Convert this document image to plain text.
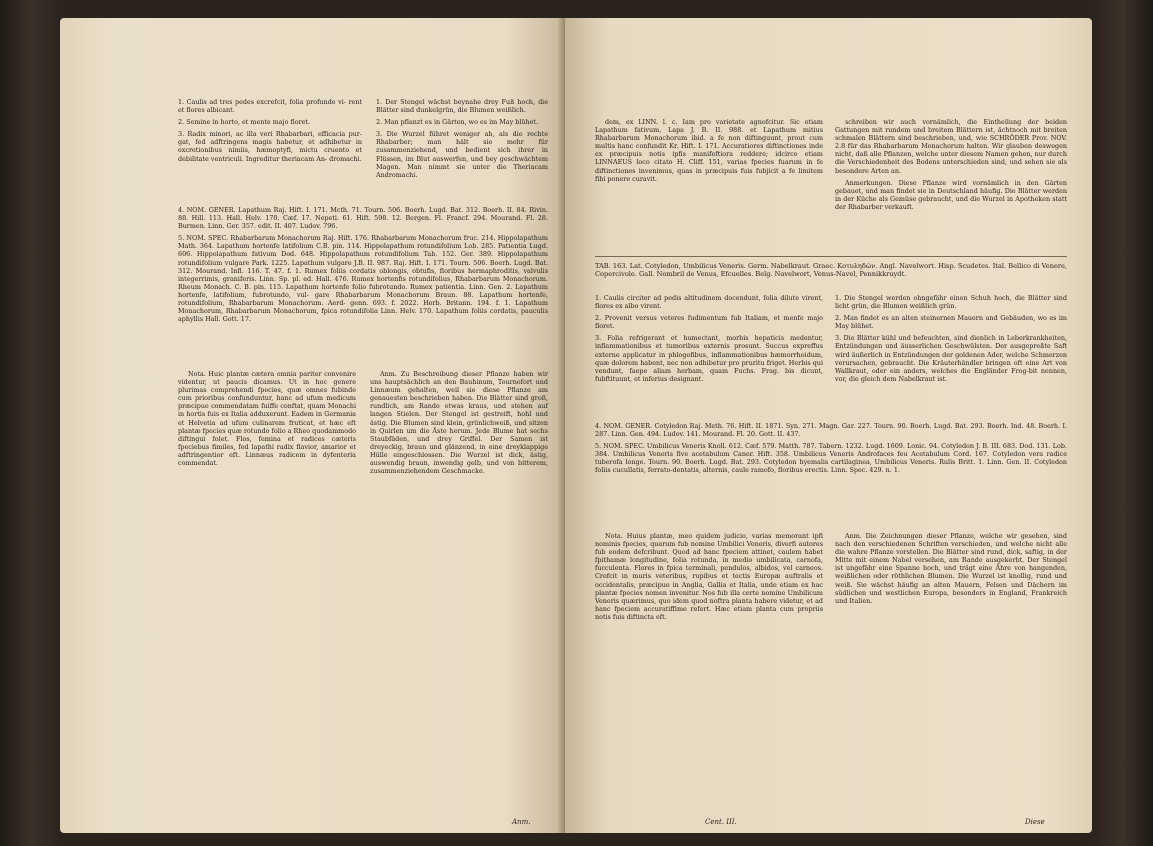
1. Caulis ad tres pedes excrefcit, folia profunde vi- rent et flores albicant.

2. Semine in horto, et mente majo floret.

3. Radix minori, ac illa veri Rhabarbari, efficacia pur- gat, fed adftringens magis habetur, et adhibetur in excretionibus nimiis, hæmoptyfi, mictu cruento et debilitate ventriculi. Ingreditur theriacam An- dromachi.

1. Der Stengel wächst beynahe drey Fuß hoch, die Blätter sind dunkelgrün, die Blumen weißlich.

2. Man pflanzt es in Gärten, wo es im May blühet.

3. Die Wurzel führet weniger ab, als die rechte Rhabarber; man hält sie mehr für zusammenziehend, und bedient sich ihrer in Flüssen, im Blut auswerfen, und bey geschwächtem Magen. Man nimmt sie unter die Theriacam Andromachi.

4. NOM. GENER. Lapathum Raj. Hift. I. 171. Mcth. 71. Tourn. 506. Boerh. Lugd. Bat. 312. Boerh. II. 84. Rivin. 88. Hill. 113. Hall. Helv. 170. Cæf. 17. Nepeti. 61. Hift. 598. 12. Bergen. Fl. Francf. 294. Mourand. Fl. 28. Burmen. Linn. Ger. 357. edit. II. 407. Ludov. 796.

5. NOM. SPEC. Rhabarbarum Monachorum Raj. Hift. 176. Rhabarbarum Monachorum fruc. 214. Hippolapathum Math. 364. Lapathum hortenfe latifolium C.B. pin. 114. Hippolapathum rotundifolium Lob. 285. Patientia Lugd. 606. Hippolapathum fativum Dod. 648. Hippolapathum rotundifolium Tab. 152. Ger. 389. Hippolapathum rotundifolium vulgare Park. 1225. Lapathum vulgare J.B. II. 987. Raj. Hift. I. 171. Tourn. 506. Boerh. Lugd. Bat. 312. Mourand. Infl. 116. T. 47. f. 1. Rumex foliis cordatis oblongis, obtufis, floribus hermaphroditis, valvulis integerrimis, graniferis. Linn. Sp. pl. ed. Hall. 476. Rumex hortenfis rotundifolius, Rhabarbarum Monachorum. Rheum Monach. C. B. pin. 115. Lapathum hortenfe folio fubrotundo. Rumex patientia. Linn. Gen. 2. Lapathum hortenfe, latifolium, fubrotundo, vul- gare Rhabarbarum Monachorum Braun. 88. Lapathum hortenfe, rotundifolium, Rhabarbarum Monachorum. Aerd- genn. 693. f. 2022. Herb. Britann. 194. f. 1. Lapathum Monachorum, Rhabarbarum Monachorum, fpica rotundifolia Linn. Helv. 170. Lapathum foliis cordatis, pauculis aphyllis Hall. Gott. 17.

Nota. Huic plantæ cætera omnia pariter convenire videntur, ut paucis dicamus. Ut in hoc genere plurimas comprehendi fpecies, quæ omnes fubinde cum prioribus confunduntur, hanc ad ufum medicum præcipue commendatam fuiffe conftat, quam Monachi in hortis fuis ex Italia adduxerunt. Eadem in Germania et Helvetia ad ufum culinarem fruticat, et hæc eft plantæ fpecies quæ rotundo folio a Rheo quodammodo diftingui folet. Flos, femina et radices cæteris fpeciebus fimiles, fed lapathi radix flavior, amarior et adftringentior eft. Linnæus radicem in dyfenteria commendat.

Anm. Zu Beschreibung dieser Pflanze haben wir uns hauptsächlich an den Bauhinum, Tournefort und Linnæum gehalten, weil sie diese Pflanze am genauesten beschrieben haben. Die Blätter sind groß, rundlich, am Rande etwas kraus, und stehen auf langen Stielen. Der Stengel ist gestreift, hohl und ästig. Die Blumen sind klein, grünlichweiß, und sitzen in Quirlen um die Äste herum. Jede Blume hat sechs Staubfäden, und drey Griffel. Der Samen ist dreyeckig, braun und glänzend, in eine dreyklappige Hülle eingeschlossen. Die Wurzel ist dick, ästig, auswendig braun, inwendig gelb, und von bitterem, zusammenziehendem Geschmacke.

Anm.

dem, ex LINN. l. c. Iam pro varietate agnofcitur. Sic etiam Lapathum fativum, Lapa J. B. II. 988. et Lapathum mitius Rhabarbarum Monachorum ibid. a fe non diftinguunt, prout cum multis hanc confundit Kr. Hift. I. 171. Accuratiores diftinctiones inde ex præcipuis notis ipfis manifeftiora reddere; idcirco etiam LINNAEUS loco citato H. Cliff. 151, varias fpecies fuarum in fe diftinctiones invenimus, quas in præcipuis fuis fubjicit a fe limitem fibi ponere curavit.

schreiben wir auch vornämlich, die Eintheilung der beiden Gattungen mit rundem und breitem Blättern ist, ächtnoch mit breiten schmalen Blättern sind beschrieben, und, wie SCHRÖDER Prov. NOV. 2.8 für das Rhabarbarum Monachorum halten. Wir glauben deswegen nicht, daß alle Pflanzen, welche unter diesem Namen gehen, nur durch die Verschiedenheit des Bodens unterschieden sind, und sehen sie als besondere Arten an.

Anmerkungen. Diese Pflanze wird vornämlich in den Gärten gebauet, und man findet sie in Deutschland häufig. Die Blätter werden in der Küche als Gemüse gebraucht, und die Wurzel in Apotheken statt der Rhabarber verkauft.

TAB. 163. Lat. Cotyledon, Umbilicus Veneris. Germ. Nabelkraut. Graec. Κοτυληδών. Angl. Navelwort. Hisp. Scudetes. Ital. Bellico di Venere, Copercivole. Gall. Nombril de Venus, Efcuelles. Belg. Navelwort, Venus-Navel, Pennikkruydt.

1. Caulis circiter ad pedis altitudinem docendunt, folia dilute virent, flores ex albo virent.

2. Provenit versus veteres fudimentum fub Italiam, et menfe majo floret.

3. Folia refrigerant et humectant, morbis hepaticis medentur, inflammationibus et tumoribus externis prosunt. Succus expreffus externe applicatur in phlogofibus, inflammationibus hæmorrhoidum, quæ dolorem habent, nec non adhibetur pro pruritu friget. Herbis qui vendunt, faepe aliam herbam, quam Fuchs. Frag. bis dicunt, fubftituunt, et inferius designant.

1. Die Stengel werden ohngefähr einen Schuh hoch, die Blätter sind licht grün, die Blumen weißlich grün.

2. Man findet es an alten steinernen Mauern und Gebäuden, wo es im May blühet.

3. Die Blätter kühl und befeuchten, sind dienlich in Leberkrankheiten, Entzündungen und äusserlichen Geschwülsten. Der ausgepreßte Saft wird äußerlich in Entzündungen der goldenen Ader, welche Schmerzen verursachen, gebraucht. Die Kräuterhändler bringen oft eine Art von Wallkraut, oder ein anders, welches die Engländer Frog-bit nennen, vor, die gleich dem Nabelkraut ist.

4. NOM. GENER. Cotyledon Raj. Meth. 76. Hift. II. 1871. Syn. 271. Magn. Gar. 227. Tourn. 90. Boerh. Lugd. Bat. 293. Boerh. Ind. 48. Boerh. I. 287. Linn. Gen. 494. Ludov. 141. Mourand. Fl. 20. Gott. II. 437.

5. NOM. SPEC. Umbilicus Veneris Knoll. 612. Cæf. 579. Matth. 787. Tabern. 1232. Lugd. 1609. Lonic. 94. Cotyledon J. B. III. 683. Dod. 131. Lob. 384. Umbilicus Veneris five acetabulum Caner. Hift. 358. Umbilicus Veneris Androfaces feu Acetabulum Cord. 167. Cotyledon vera radice tuberofa longe. Tourn. 90. Boerh. Lugd. Bat. 293. Cotyledon hyemalis cartilaginea, Umbilicus Veneris. Rulis Britt. 1. Linn. Gen. II. Cotyledon foliis cucullatis, ferrato-dentatis, alternis, caule ramofo, floribus erectis. Linn. Spec. 429. n. 1.

Nota. Huius plantæ, meo quidem judicio, varias memorant ipfi nominis fpecies, quarum fub nomine Umbilici Veneris, diverfi autores fub eodem defcribunt. Quod ad hanc fpeciem attinet, caulem habet fpithamæ longitudine, folia rotunda, in medio umbilicata, carnofa, fucculenta. Flores in fpica terminali, pendulos, albidos, vel carneos. Crefcit in muris veteribus, rupibus et tectis Europæ auftralis et occidentalis, præcipue in Anglia, Gallia et Italia, unde etiam ex hac plantæ fpecies nomen invenitur. Nos fub illa certe nomine Umbilicum Veneris quærimus, quo idem quod noftra planta habere videtur, et ad hanc fpeciem accuratiffime refert. Hæc etiam planta cum propriis notis fuis diftincta eft.

Anm. Die Zeichnungen dieser Pflanze, welche wir gesehen, sind nach den verschiedenen Schriften verschieden, und welche nicht alle die wahre Pflanze vorstellen. Die Blätter sind rund, dick, saftig, in der Mitte mit einem Nabel versehen, am Rande ausgekerbt. Der Stengel ist ungefähr eine Spanne hoch, und trägt eine Ähre von hangenden, weißlichen oder röthlichen Blumen. Die Wurzel ist knollig, rund und weiß. Sie wächst häufig an alten Mauern, Felsen und Dächern im südlichen und westlichen Europa, besonders in England, Frankreich und Italien.

Cent. III.	Diese
